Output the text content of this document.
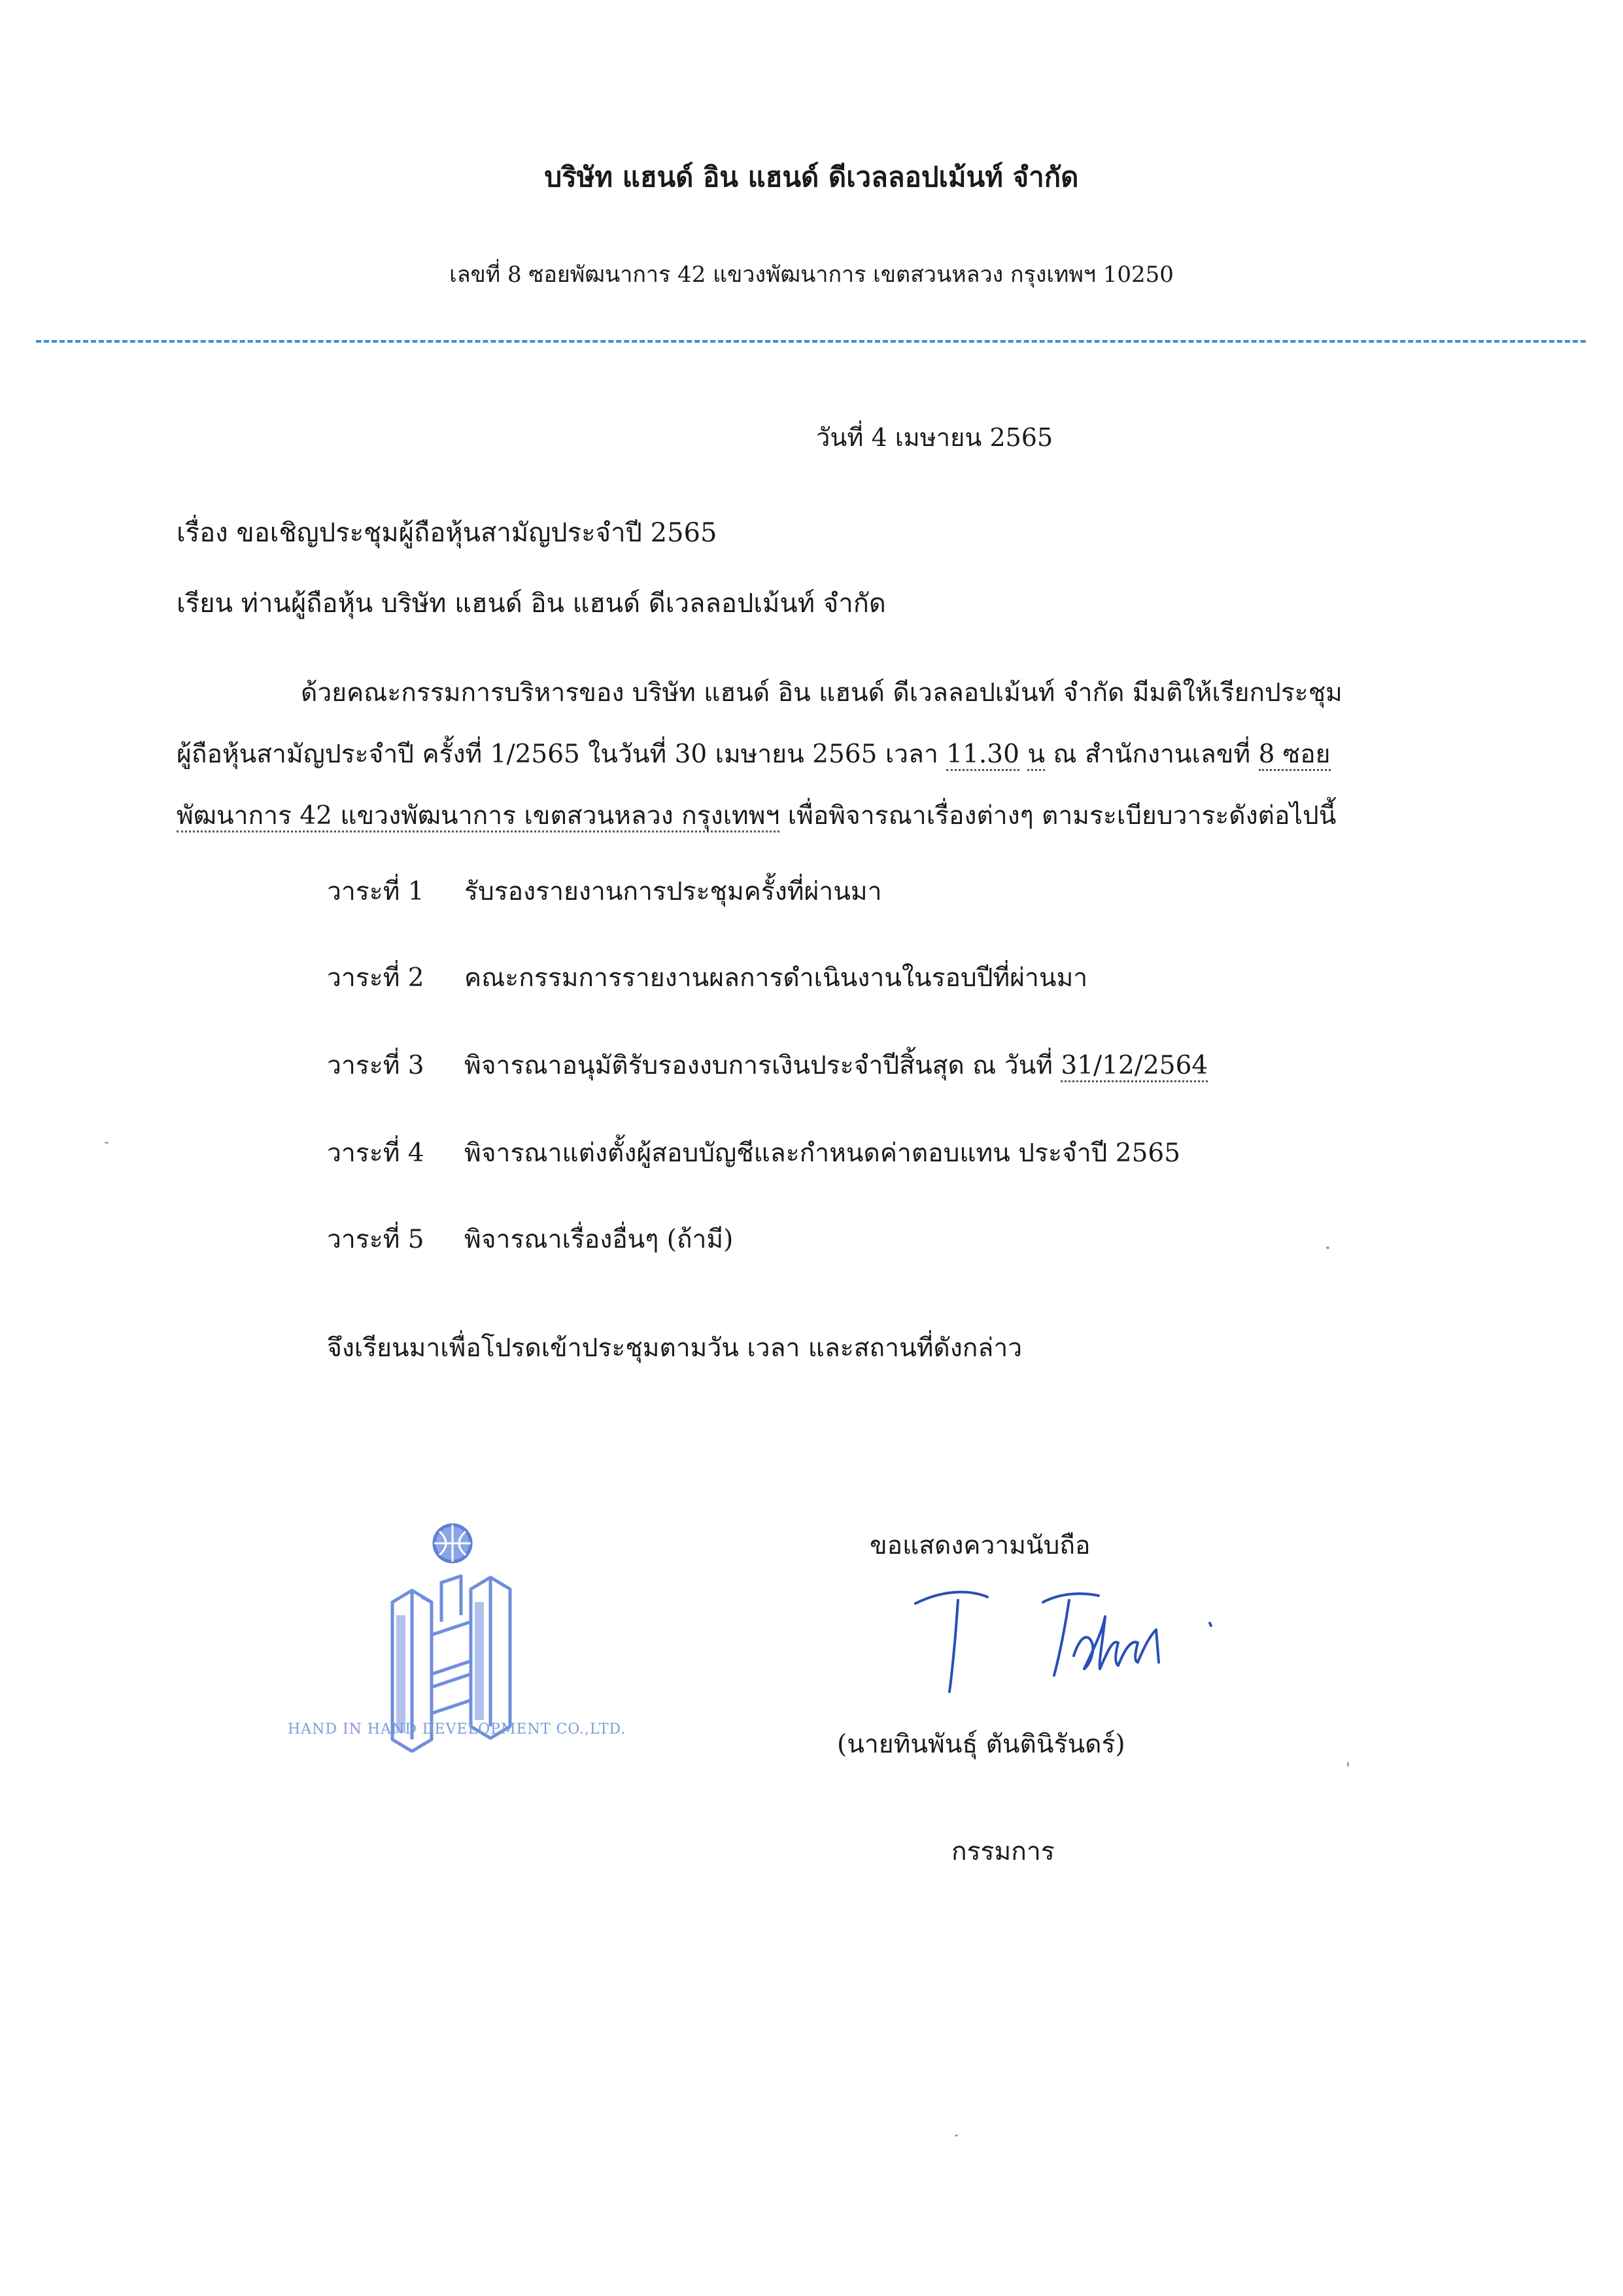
บริษัท แฮนด์ อิน แฮนด์ ดีเวลลอปเม้นท์ จำกัด
เลขที่ 8 ซอยพัฒนาการ 42 แขวงพัฒนาการ เขตสวนหลวง กรุงเทพฯ 10250
วันที่ 4 เมษายน 2565
เรื่อง ขอเชิญประชุมผู้ถือหุ้นสามัญประจำปี 2565
เรียน ท่านผู้ถือหุ้น บริษัท แฮนด์ อิน แฮนด์ ดีเวลลอปเม้นท์ จำกัด
ด้วยคณะกรรมการบริหารของ บริษัท แฮนด์ อิน แฮนด์ ดีเวลลอปเม้นท์ จำกัด มีมติให้เรียกประชุม
ผู้ถือหุ้นสามัญประจำปี ครั้งที่ 1/2565 ในวันที่ 30 เมษายน 2565 เวลา 11.30 น ณ สำนักงานเลขที่ 8 ซอย
พัฒนาการ 42 แขวงพัฒนาการ เขตสวนหลวง กรุงเทพฯ เพื่อพิจารณาเรื่องต่างๆ ตามระเบียบวาระดังต่อไปนี้
วาระที่ 1 รับรองรายงานการประชุมครั้งที่ผ่านมา
วาระที่ 2 คณะกรรมการรายงานผลการดำเนินงานในรอบปีที่ผ่านมา
วาระที่ 3 พิจารณาอนุมัติรับรองงบการเงินประจำปีสิ้นสุด ณ วันที่ 31/12/2564
วาระที่ 4 พิจารณาแต่งตั้งผู้สอบบัญชีและกำหนดค่าตอบแทน ประจำปี 2565
วาระที่ 5 พิจารณาเรื่องอื่นๆ (ถ้ามี)
จึงเรียนมาเพื่อโปรดเข้าประชุมตามวัน เวลา และสถานที่ดังกล่าว
HAND IN HAND DEVELOPMENT CO.,LTD.
ขอแสดงความนับถือ
(นายทินพันธุ์ ตันตินิรันดร์)
กรรมการ
